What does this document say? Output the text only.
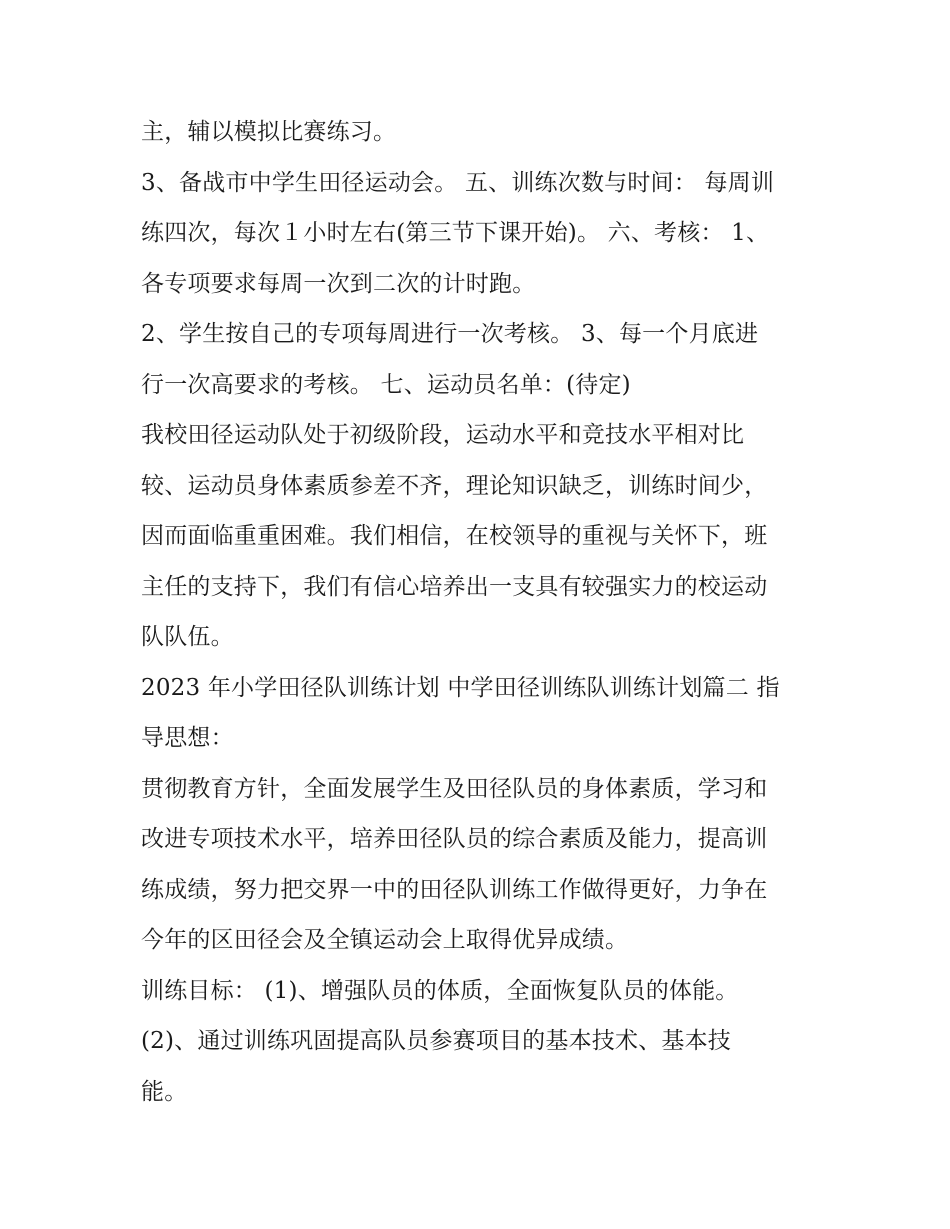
主，辅以模拟比赛练习。
3、备战市中学生田径运动会。 五、训练次数与时间： 每周训
练四次，每次１小时左右(第三节下课开始)。 六、考核： 1、
各专项要求每周一次到二次的计时跑。
2、学生按自己的专项每周进行一次考核。 3、每一个月底进
行一次高要求的考核。 七、运动员名单：(待定)
我校田径运动队处于初级阶段，运动水平和竞技水平相对比
较、运动员身体素质参差不齐，理论知识缺乏，训练时间少，
因而面临重重困难。我们相信，在校领导的重视与关怀下，班
主任的支持下，我们有信心培养出一支具有较强实力的校运动
队队伍。
2023 年小学田径队训练计划 中学田径训练队训练计划篇二 指
导思想：
贯彻教育方针，全面发展学生及田径队员的身体素质，学习和
改进专项技术水平，培养田径队员的综合素质及能力，提高训
练成绩，努力把交界一中的田径队训练工作做得更好，力争在
今年的区田径会及全镇运动会上取得优异成绩。
训练目标： (1)、增强队员的体质，全面恢复队员的体能。
(2)、通过训练巩固提高队员参赛项目的基本技术、基本技
能。
